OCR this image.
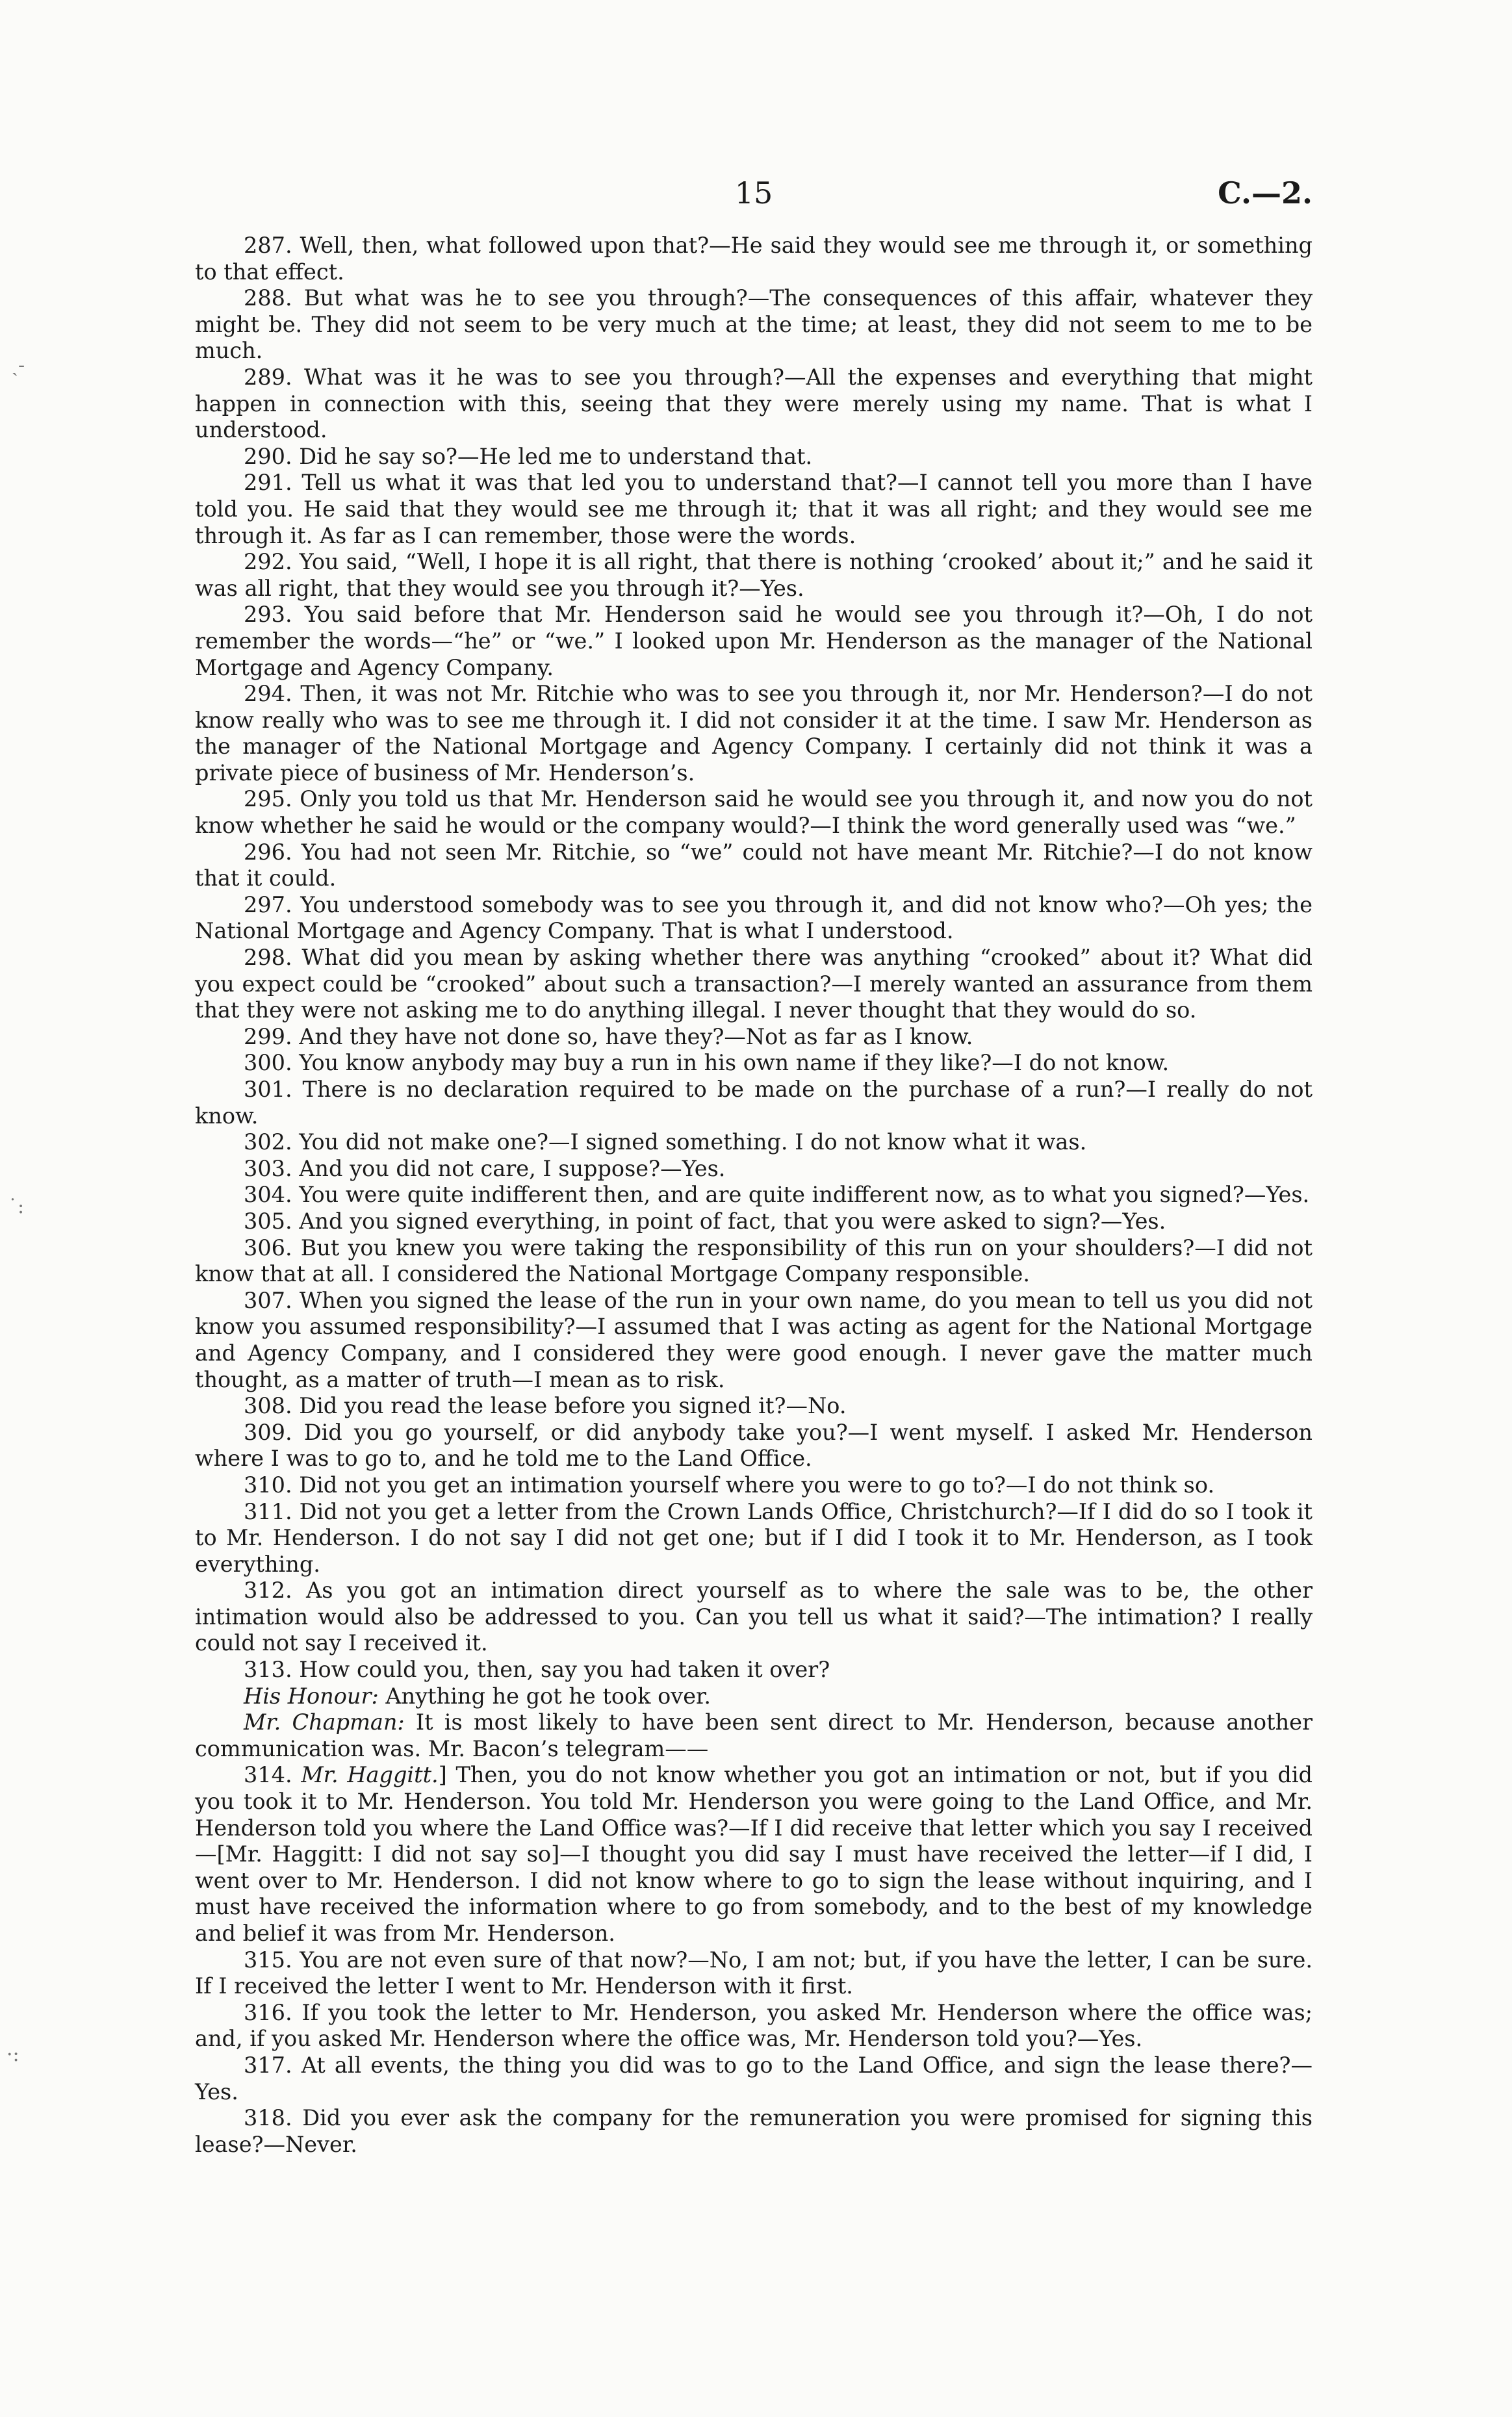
15	C.—2.

287. Well, then, what followed upon that?—He said they would see me through it, or something to that effect.

288. But what was he to see you through?—The consequences of this affair, whatever they might be. They did not seem to be very much at the time; at least, they did not seem to me to be much.

289. What was it he was to see you through?—All the expenses and everything that might happen in connection with this, seeing that they were merely using my name. That is what I understood.

290. Did he say so?—He led me to understand that.

291. Tell us what it was that led you to understand that?—I cannot tell you more than I have told you. He said that they would see me through it; that it was all right; and they would see me through it. As far as I can remember, those were the words.

292. You said, “Well, I hope it is all right, that there is nothing ‘crooked’ about it;” and he said it was all right, that they would see you through it?—Yes.

293. You said before that Mr. Henderson said he would see you through it?—Oh, I do not remember the words—“he” or “we.” I looked upon Mr. Henderson as the manager of the National Mortgage and Agency Company.

294. Then, it was not Mr. Ritchie who was to see you through it, nor Mr. Henderson?—I do not know really who was to see me through it. I did not consider it at the time. I saw Mr. Henderson as the manager of the National Mortgage and Agency Company. I certainly did not think it was a private piece of business of Mr. Henderson’s.

295. Only you told us that Mr. Henderson said he would see you through it, and now you do not know whether he said he would or the company would?—I think the word generally used was “we.”

296. You had not seen Mr. Ritchie, so “we” could not have meant Mr. Ritchie?—I do not know that it could.

297. You understood somebody was to see you through it, and did not know who?—Oh yes; the National Mortgage and Agency Company. That is what I understood.

298. What did you mean by asking whether there was anything “crooked” about it? What did you expect could be “crooked” about such a transaction?—I merely wanted an assurance from them that they were not asking me to do anything illegal. I never thought that they would do so.

299. And they have not done so, have they?—Not as far as I know.

300. You know anybody may buy a run in his own name if they like?—I do not know.

301. There is no declaration required to be made on the purchase of a run?—I really do not know.

302. You did not make one?—I signed something. I do not know what it was.

303. And you did not care, I suppose?—Yes.

304. You were quite indifferent then, and are quite indifferent now, as to what you signed?—Yes.

305. And you signed everything, in point of fact, that you were asked to sign?—Yes.

306. But you knew you were taking the responsibility of this run on your shoulders?—I did not know that at all. I considered the National Mortgage Company responsible.

307. When you signed the lease of the run in your own name, do you mean to tell us you did not know you assumed responsibility?—I assumed that I was acting as agent for the National Mortgage and Agency Company, and I considered they were good enough. I never gave the matter much thought, as a matter of truth—I mean as to risk.

308. Did you read the lease before you signed it?—No.

309. Did you go yourself, or did anybody take you?—I went myself. I asked Mr. Henderson where I was to go to, and he told me to the Land Office.

310. Did not you get an intimation yourself where you were to go to?—I do not think so.

311. Did not you get a letter from the Crown Lands Office, Christchurch?—If I did do so I took it to Mr. Henderson. I do not say I did not get one; but if I did I took it to Mr. Henderson, as I took everything.

312. As you got an intimation direct yourself as to where the sale was to be, the other intimation would also be addressed to you. Can you tell us what it said?—The intimation? I really could not say I received it.

313. How could you, then, say you had taken it over?

His Honour: Anything he got he took over.

Mr. Chapman: It is most likely to have been sent direct to Mr. Henderson, because another communication was. Mr. Bacon’s telegram——

314. Mr. Haggitt.] Then, you do not know whether you got an intimation or not, but if you did you took it to Mr. Henderson. You told Mr. Henderson you were going to the Land Office, and Mr. Henderson told you where the Land Office was?—If I did receive that letter which you say I received—[Mr. Haggitt: I did not say so]—I thought you did say I must have received the letter—if I did, I went over to Mr. Henderson. I did not know where to go to sign the lease without inquiring, and I must have received the information where to go from somebody, and to the best of my knowledge and belief it was from Mr. Henderson.

315. You are not even sure of that now?—No, I am not; but, if you have the letter, I can be sure. If I received the letter I went to Mr. Henderson with it first.

316. If you took the letter to Mr. Henderson, you asked Mr. Henderson where the office was; and, if you asked Mr. Henderson where the office was, Mr. Henderson told you?—Yes.

317. At all events, the thing you did was to go to the Land Office, and sign the lease there?—Yes.

318. Did you ever ask the company for the remuneration you were promised for signing this lease?—Never.

ˎ‐
˙:
·:
